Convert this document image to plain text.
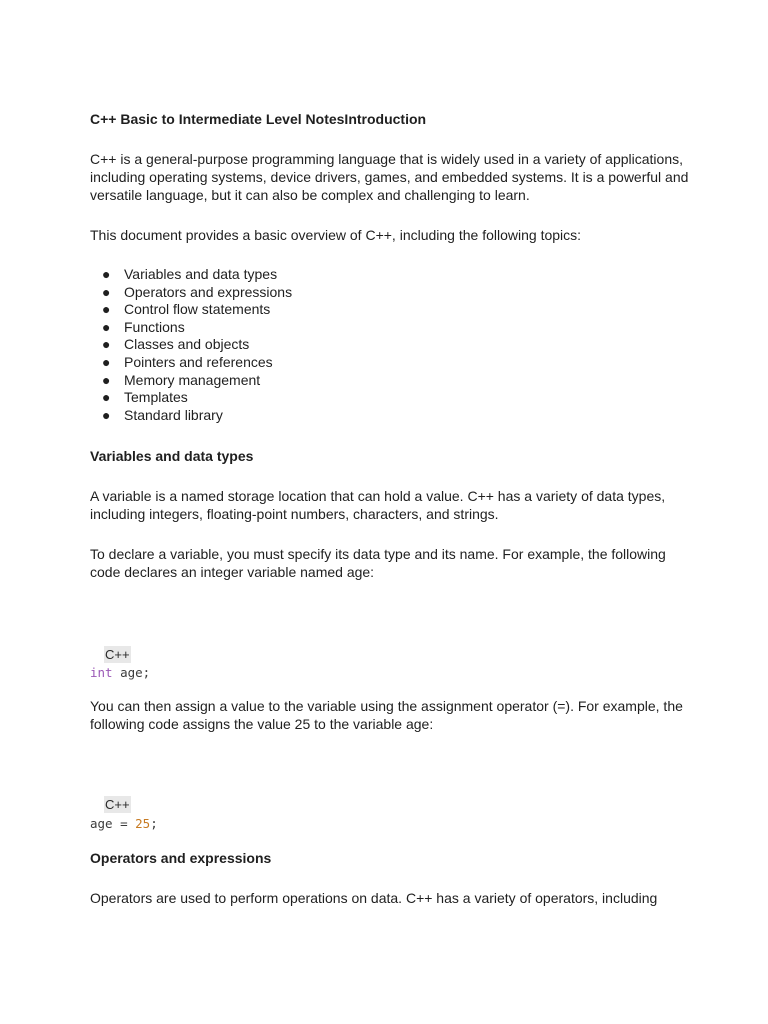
C++ Basic to Intermediate Level NotesIntroduction

C++ is a general-purpose programming language that is widely used in a variety of applications, including operating systems, device drivers, games, and embedded systems. It is a powerful and versatile language, but it can also be complex and challenging to learn.

This document provides a basic overview of C++, including the following topics:

● Variables and data types
● Operators and expressions
● Control flow statements
● Functions
● Classes and objects
● Pointers and references
● Memory management
● Templates
● Standard library

Variables and data types

A variable is a named storage location that can hold a value. C++ has a variety of data types, including integers, floating-point numbers, characters, and strings.

To declare a variable, you must specify its data type and its name. For example, the following code declares an integer variable named age:

C++
int age;

You can then assign a value to the variable using the assignment operator (=). For example, the following code assigns the value 25 to the variable age:

C++
age = 25;

Operators and expressions

Operators are used to perform operations on data. C++ has a variety of operators, including
